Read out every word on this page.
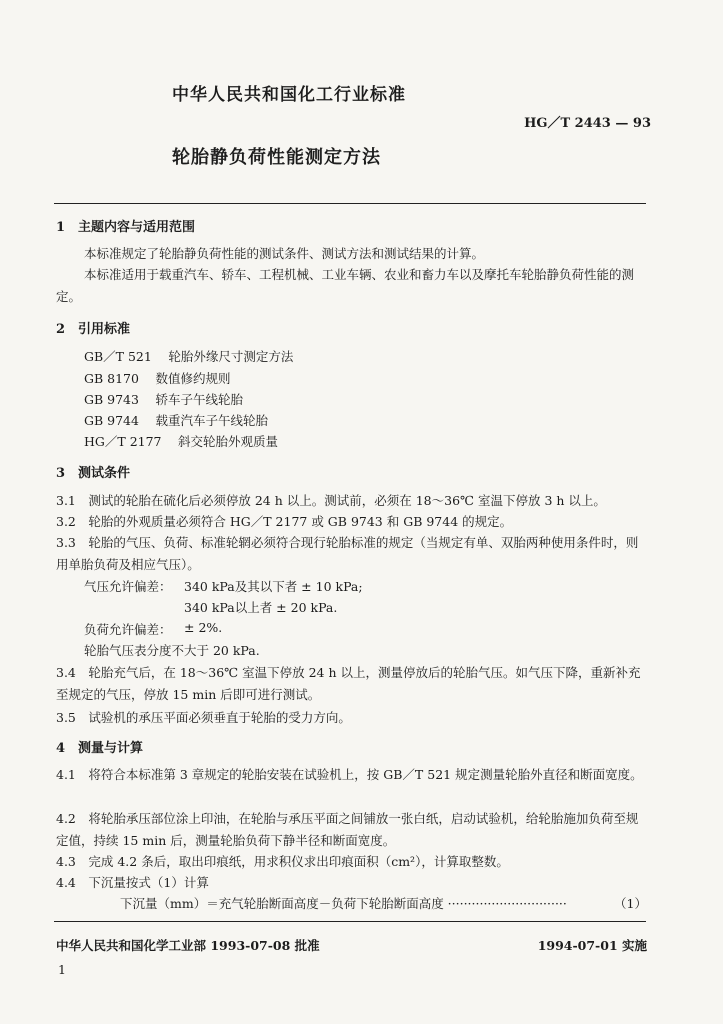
中华人民共和国化工行业标准
HG／T 2443 — 93
轮胎静负荷性能测定方法
1　主题内容与适用范围
本标准规定了轮胎静负荷性能的测试条件、测试方法和测试结果的计算。
本标准适用于载重汽车、轿车、工程机械、工业车辆、农业和畜力车以及摩托车轮胎静负荷性能的测定。
2　引用标准
GB／T 521　 轮胎外缘尺寸测定方法
GB 8170　 数值修约规则
GB 9743　 轿车子午线轮胎
GB 9744　 载重汽车子午线轮胎
HG／T 2177　 斜交轮胎外观质量
3　测试条件
3.1　测试的轮胎在硫化后必须停放 24 h 以上。测试前，必须在 18～36℃ 室温下停放 3 h 以上。
3.2　轮胎的外观质量必须符合 HG／T 2177 或 GB 9743 和 GB 9744 的规定。
3.3　轮胎的气压、负荷、标准轮辋必须符合现行轮胎标准的规定（当规定有单、双胎两种使用条件时，则用单胎负荷及相应气压）。
气压允许偏差： 340 kPa及其以下者 ± 10 kPa;
340 kPa以上者 ± 20 kPa.
负荷允许偏差： ± 2%.
轮胎气压表分度不大于 20 kPa.
3.4　轮胎充气后，在 18～36℃ 室温下停放 24 h 以上，测量停放后的轮胎气压。如气压下降，重新补充至规定的气压，停放 15 min 后即可进行测试。
3.5　试验机的承压平面必须垂直于轮胎的受力方向。
4　测量与计算
4.1　将符合本标准第 3 章规定的轮胎安装在试验机上，按 GB／T 521 规定测量轮胎外直径和断面宽度。
4.2　将轮胎承压部位涂上印油，在轮胎与承压平面之间铺放一张白纸，启动试验机，给轮胎施加负荷至规定值，持续 15 min 后，测量轮胎负荷下静半径和断面宽度。
4.3　完成 4.2 条后，取出印痕纸，用求积仪求出印痕面积（cm²），计算取整数。
4.4　下沉量按式（1）计算
下沉量（mm）＝充气轮胎断面高度－负荷下轮胎断面高度 ······························	（1）
中华人民共和国化学工业部 1993-07-08 批准	1994-07-01 实施
1
